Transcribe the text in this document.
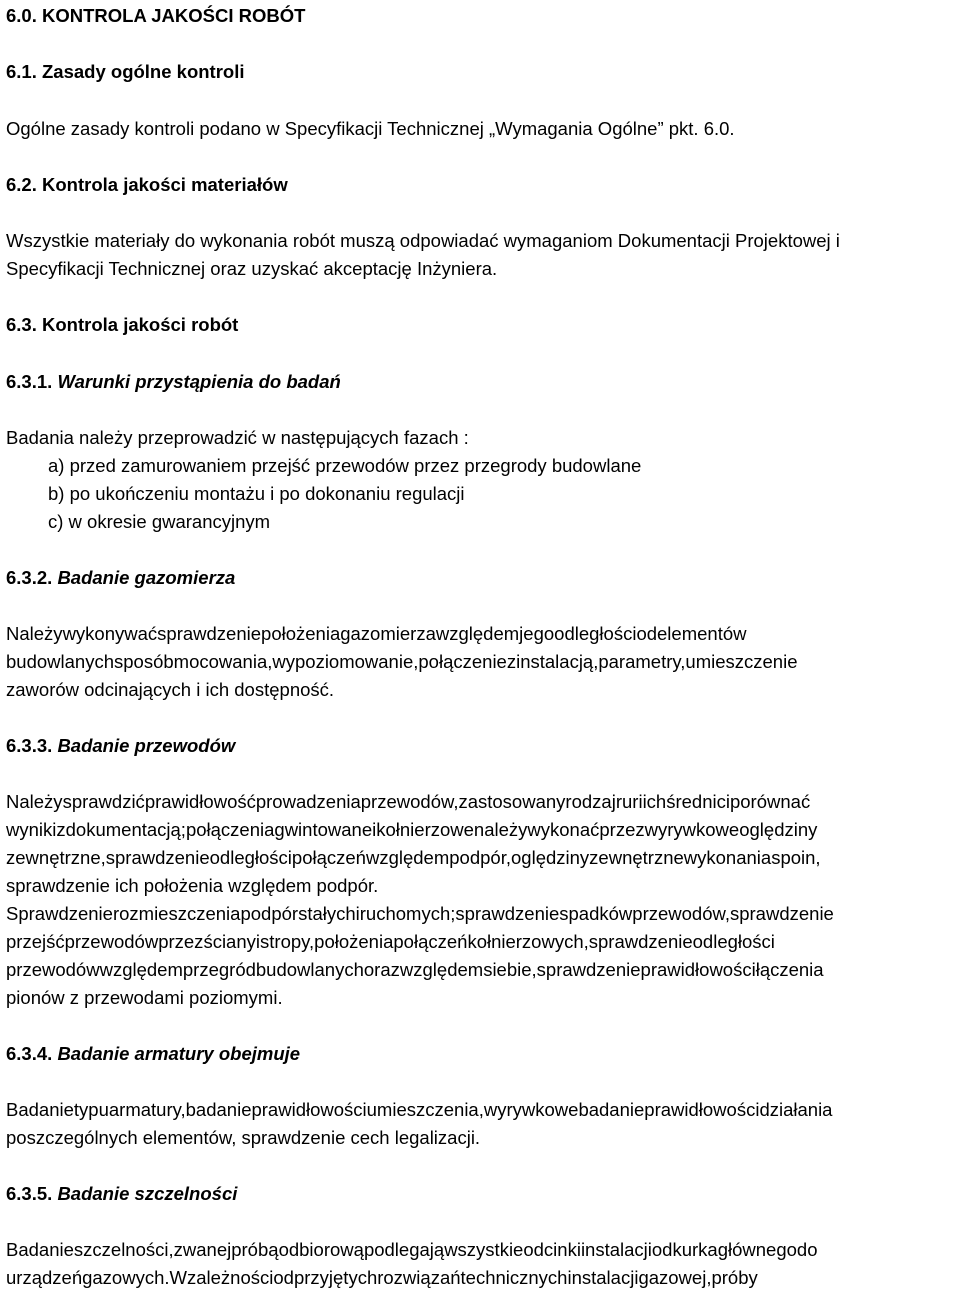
6.0. KONTROLA JAKOŚCI ROBÓT
6.1. Zasady ogólne kontroli
Ogólne zasady kontroli podano w Specyfikacji Technicznej „Wymagania Ogólne” pkt. 6.0.
6.2. Kontrola jakości materiałów
Wszystkie materiały do wykonania robót muszą odpowiadać wymaganiom Dokumentacji Projektowej i
Specyfikacji Technicznej oraz uzyskać akceptację Inżyniera.
6.3. Kontrola jakości robót
6.3.1. Warunki przystąpienia do badań
Badania należy przeprowadzić w następujących fazach :
a) przed zamurowaniem przejść przewodów przez przegrody budowlane
b) po ukończeniu montażu i po dokonaniu regulacji
c) w okresie gwarancyjnym
6.3.2. Badanie gazomierza
Należywykonywaćsprawdzeniepołożeniagazomierzawzględemjegoodległościodelementów
budowlanychsposóbmocowania,wypoziomowanie,połączeniezinstalacją,parametry,umieszczenie
zaworów odcinających i ich dostępność.
6.3.3. Badanie przewodów
Należysprawdzićprawidłowośćprowadzeniaprzewodów,zastosowanyrodzajruriichśredniciporównać
wynikizdokumentacją;połączeniagwintowaneikołnierzowenależywykonaćprzezwyrywkoweoględziny
zewnętrzne,sprawdzenieodległościpołączeńwzględempodpór,oględzinyzewnętrznewykonaniaspoin,
sprawdzenie ich położenia względem podpór.
Sprawdzenierozmieszczeniapodpórstałychiruchomych;sprawdzeniespadkówprzewodów,sprawdzenie
przejśćprzewodówprzezścianyistropy,położeniapołączeńkołnierzowych,sprawdzenieodległości
przewodówwzględemprzegródbudowlanychorazwzględemsiebie,sprawdzenieprawidłowościłączenia
pionów z przewodami poziomymi.
6.3.4. Badanie armatury obejmuje
Badanietypuarmatury,badanieprawidłowościumieszczenia,wyrywkowebadanieprawidłowościdziałania
poszczególnych elementów, sprawdzenie cech legalizacji.
6.3.5. Badanie szczelności
Badanieszczelności,zwanejpróbąodbiorowąpodlegająwszystkieodcinkiinstalacjiodkurkagłównegodo
urządzeńgazowych.Wzależnościodprzyjętychrozwiązańtechnicznychinstalacjigazowej,próby
